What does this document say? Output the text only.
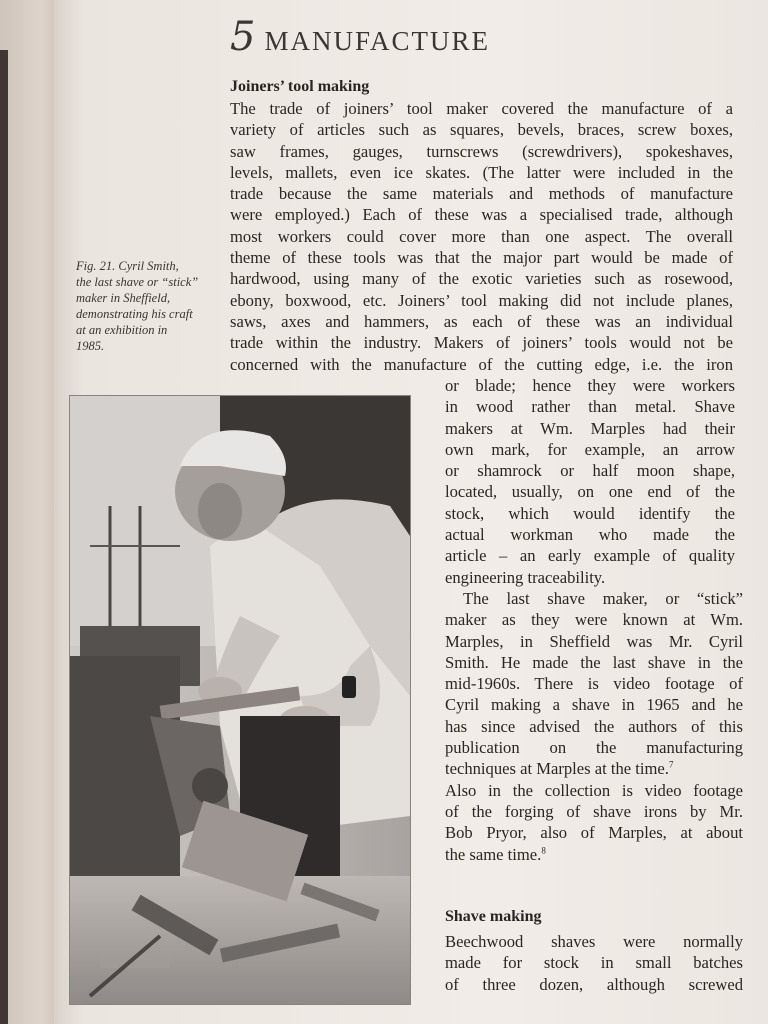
5 MANUFACTURE
Joiners’ tool making
The trade of joiners’ tool maker covered the manufacture of a
variety of articles such as squares, bevels, braces, screw boxes,
saw frames, gauges, turnscrews (screwdrivers), spokeshaves,
levels, mallets, even ice skates. (The latter were included in the
trade because the same materials and methods of manufacture
were employed.) Each of these was a specialised trade, although
most workers could cover more than one aspect. The overall
theme of these tools was that the major part would be made of
hardwood, using many of the exotic varieties such as rosewood,
ebony, boxwood, etc. Joiners’ tool making did not include planes,
saws, axes and hammers, as each of these was an individual
trade within the industry. Makers of joiners’ tools would not be
concerned with the manufacture of the cutting edge, i.e. the iron
Fig. 21. Cyril Smith,
the last shave or “stick”
maker in Sheffield,
demonstrating his craft
at an exhibition in
1985.
or blade; hence they were workers
in wood rather than metal. Shave
makers at Wm. Marples had their
own mark, for example, an arrow
or shamrock or half moon shape,
located, usually, on one end of the
stock, which would identify the
actual workman who made the
article – an early example of quality
engineering traceability.
The last shave maker, or “stick”
maker as they were known at Wm.
Marples, in Sheffield was Mr. Cyril
Smith. He made the last shave in the
mid-1960s. There is video footage of
Cyril making a shave in 1965 and he
has since advised the authors of this
publication on the manufacturing
techniques at Marples at the time.$^7$
Also in the collection is video footage
of the forging of shave irons by Mr.
Bob Pryor, also of Marples, at about
the same time.$^8$
Shave making
Beechwood shaves were normally
made for stock in small batches
of three dozen, although screwed
